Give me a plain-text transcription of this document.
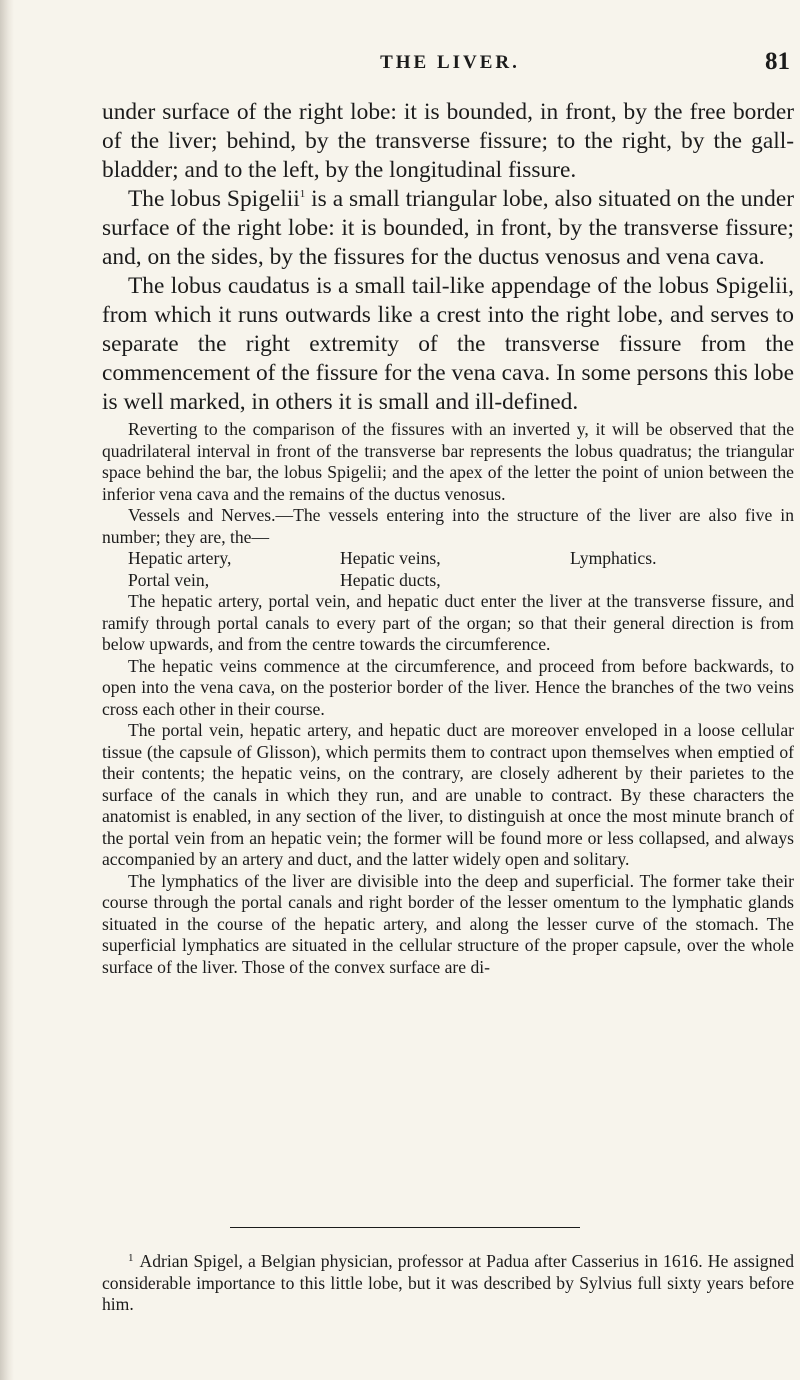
THE LIVER.	81

under surface of the right lobe: it is bounded, in front, by the free border of the liver; behind, by the transverse fissure; to the right, by the gall-bladder; and to the left, by the longitudinal fissure.

The lobus Spigelii$^1$ is a small triangular lobe, also situated on the under surface of the right lobe: it is bounded, in front, by the transverse fissure; and, on the sides, by the fissures for the ductus venosus and vena cava.

The lobus caudatus is a small tail-like appendage of the lobus Spigelii, from which it runs outwards like a crest into the right lobe, and serves to separate the right extremity of the transverse fissure from the commencement of the fissure for the vena cava. In some persons this lobe is well marked, in others it is small and ill-defined.

Reverting to the comparison of the fissures with an inverted y, it will be observed that the quadrilateral interval in front of the transverse bar represents the lobus quadratus; the triangular space behind the bar, the lobus Spigelii; and the apex of the letter the point of union between the inferior vena cava and the remains of the ductus venosus.

Vessels and Nerves.—The vessels entering into the structure of the liver are also five in number; they are, the—

Hepatic artery,	Hepatic veins,	Lymphatics.
Portal vein,	Hepatic ducts,

The hepatic artery, portal vein, and hepatic duct enter the liver at the transverse fissure, and ramify through portal canals to every part of the organ; so that their general direction is from below upwards, and from the centre towards the circumference.

The hepatic veins commence at the circumference, and proceed from before backwards, to open into the vena cava, on the posterior border of the liver. Hence the branches of the two veins cross each other in their course.

The portal vein, hepatic artery, and hepatic duct are moreover enveloped in a loose cellular tissue (the capsule of Glisson), which permits them to contract upon themselves when emptied of their contents; the hepatic veins, on the contrary, are closely adherent by their parietes to the surface of the canals in which they run, and are unable to contract. By these characters the anatomist is enabled, in any section of the liver, to distinguish at once the most minute branch of the portal vein from an hepatic vein; the former will be found more or less collapsed, and always accompanied by an artery and duct, and the latter widely open and solitary.

The lymphatics of the liver are divisible into the deep and superficial. The former take their course through the portal canals and right border of the lesser omentum to the lymphatic glands situated in the course of the hepatic artery, and along the lesser curve of the stomach. The superficial lymphatics are situated in the cellular structure of the proper capsule, over the whole surface of the liver. Those of the convex surface are di-

$^1$ Adrian Spigel, a Belgian physician, professor at Padua after Casserius in 1616. He assigned considerable importance to this little lobe, but it was described by Sylvius full sixty years before him.
